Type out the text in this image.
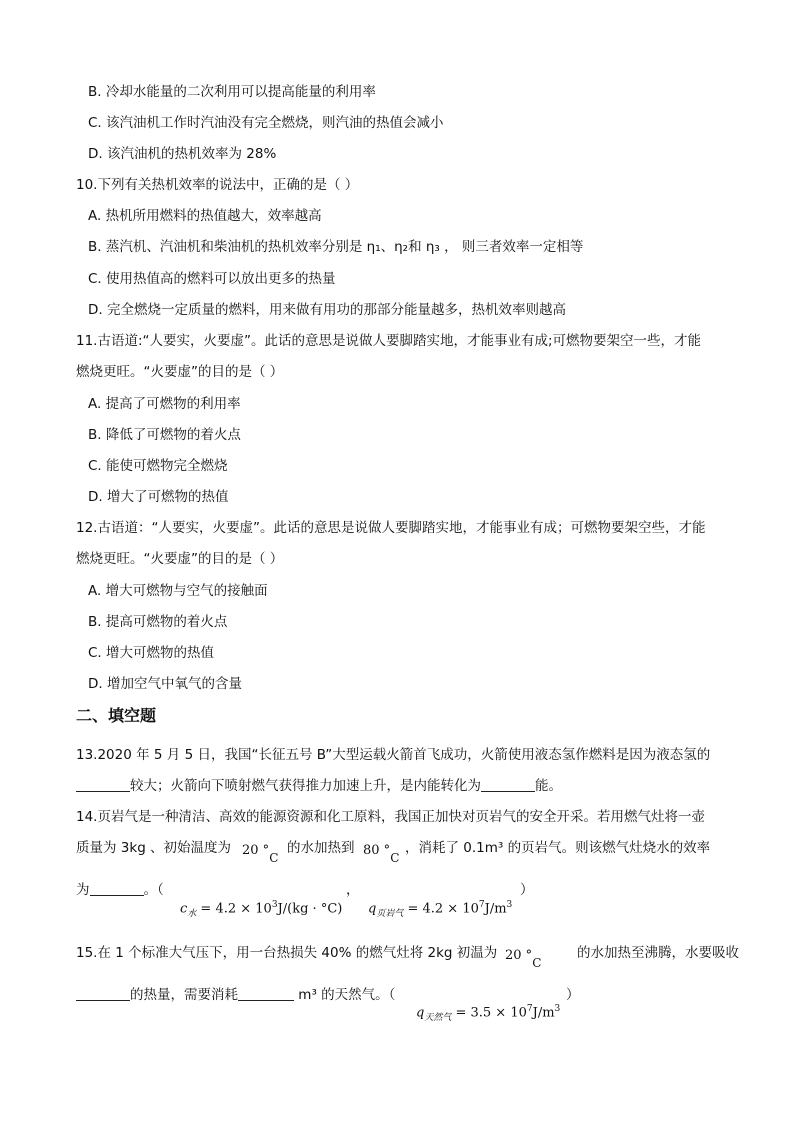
B. 冷却水能量的二次利用可以提高能量的利用率
C. 该汽油机工作时汽油没有完全燃烧，则汽油的热值会减小
D. 该汽油机的热机效率为 28%
10.下列有关热机效率的说法中，正确的是（ ）
A. 热机所用燃料的热值越大，效率越高
B. 蒸汽机、汽油机和柴油机的热机效率分别是 η₁、η₂和 η₃ ， 则三者效率一定相等
C. 使用热值高的燃料可以放出更多的热量
D. 完全燃烧一定质量的燃料，用来做有用功的那部分能量越多，热机效率则越高
11.古语道:“人要实，火要虚”。此话的意思是说做人要脚踏实地，才能事业有成;可燃物要架空一些，才能
燃烧更旺。“火要虚”的目的是（ ）
A. 提高了可燃物的利用率
B. 降低了可燃物的着火点
C. 能使可燃物完全燃烧
D. 增大了可燃物的热值
12.古语道：“人要实，火要虚”。此话的意思是说做人要脚踏实地，才能事业有成；可燃物要架空些，才能
燃烧更旺。“火要虚”的目的是（ ）
A. 增大可燃物与空气的接触面
B. 提高可燃物的着火点
C. 增大可燃物的热值
D. 增加空气中氧气的含量
二、填空题
13.2020 年 5 月 5 日，我国“长征五号 B”大型运载火箭首飞成功，火箭使用液态氢作燃料是因为液态氢的
较大；火箭向下喷射燃气获得推力加速上升，是内能转化为	能。
14.页岩气是一种清洁、高效的能源资源和化工原料，我国正加快对页岩气的安全开采。若用燃气灶将一壶
质量为 3kg 、初始温度为 20 °C
的水加热到 80 °C
，消耗了 0.1m³ 的页岩气。则该燃气灶烧水的效率
为	。（	，	）
$c_水 = 4.2 \times 10^3J/(kg \cdot ^\circ C) q_{页岩气} = 4.2 \times 10^7J/m^3$
15.在 1 个标准大气压下，用一台热损失 40% 的燃气灶将 2kg 初温为 20 °C
的水加热至沸腾，水要吸收
的热量，需要消耗	m³ 的天然气。（	）
$q_{天然气} = 3.5 \times 10^7J/m^3$
